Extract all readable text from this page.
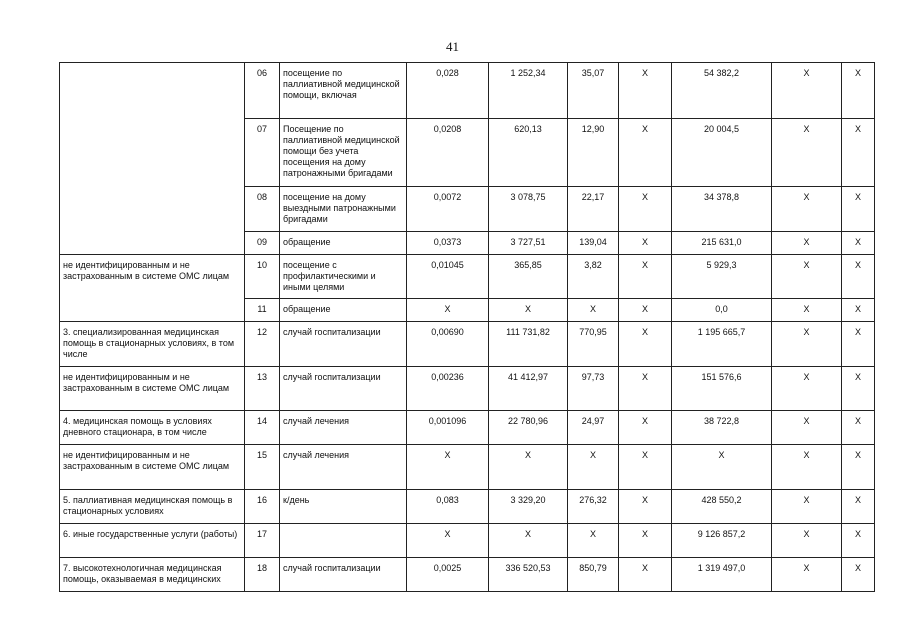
41
	06	посещение по паллиативной медицинской помощи, включая	0,028	1 252,34	35,07	Х	54 382,2	Х	Х
	07	Посещение по паллиативной медицинской помощи без учета посещения на дому патронажными бригадами	0,0208	620,13	12,90	Х	20 004,5	Х	Х
	08	посещение на дому выездными патронажными бригадами	0,0072	3 078,75	22,17	Х	34 378,8	Х	Х
	09	обращение	0,0373	3 727,51	139,04	Х	215 631,0	Х	Х
не идентифицированным и не застрахованным в системе ОМС лицам	10	посещение с профилактическими и иными целями	0,01045	365,85	3,82	Х	5 929,3	Х	Х
	11	обращение	Х	Х	Х	Х	0,0	Х	Х
3. специализированная медицинская помощь в стационарных условиях, в том числе	12	случай госпитализации	0,00690	111 731,82	770,95	Х	1 195 665,7	Х	Х
не идентифицированным и не застрахованным в системе ОМС лицам	13	случай госпитализации	0,00236	41 412,97	97,73	Х	151 576,6	Х	Х
4. медицинская помощь в условиях дневного стационара, в том числе	14	случай лечения	0,001096	22 780,96	24,97	Х	38 722,8	Х	Х
не идентифицированным и не застрахованным в системе ОМС лицам	15	случай лечения	Х	Х	Х	Х	Х	Х	Х
5. паллиативная медицинская помощь в стационарных условиях	16	к/день	0,083	3 329,20	276,32	Х	428 550,2	Х	Х
6. иные государственные услуги (работы)	17		Х	Х	Х	Х	9 126 857,2	Х	Х
7. высокотехнологичная медицинская помощь, оказываемая в медицинских	18	случай госпитализации	0,0025	336 520,53	850,79	Х	1 319 497,0	Х	Х
